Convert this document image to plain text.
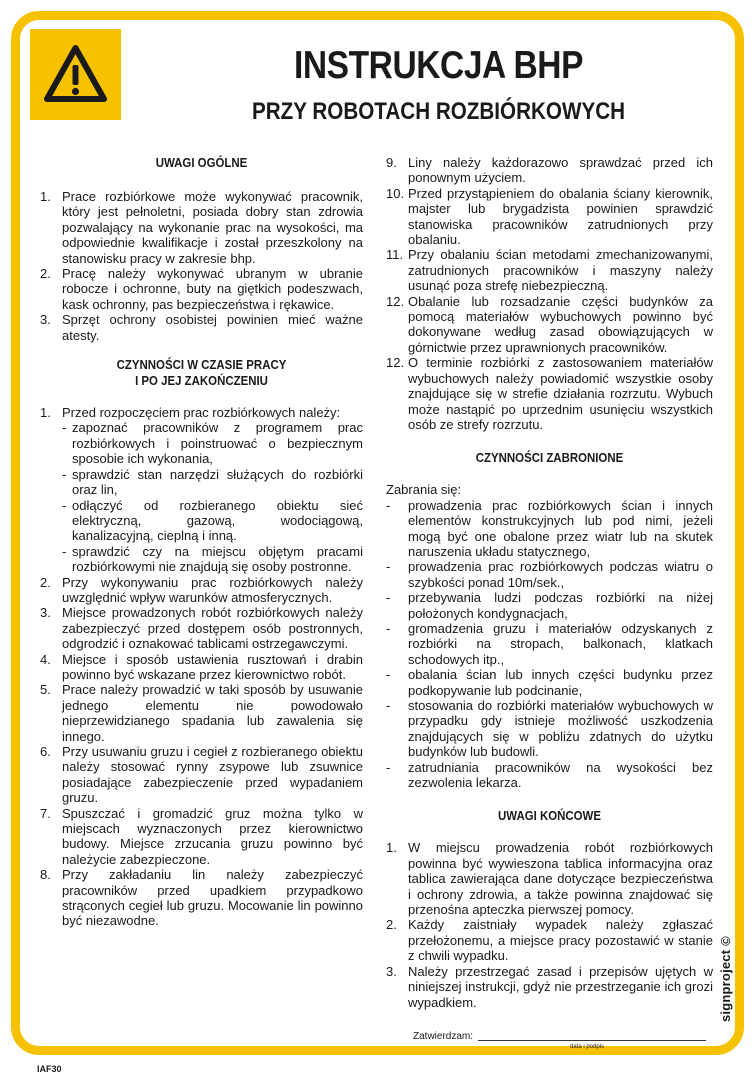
INSTRUKCJA BHP
PRZY ROBOTACH ROZBIÓRKOWYCH
UWAGI OGÓLNE
1. Prace rozbiórkowe może wykonywać pracownik, który jest pełnoletni, posiada dobry stan zdrowia pozwalający na wykonanie prac na wysokości, ma odpowiednie kwalifikacje i został przeszkolony na stanowisku pracy w zakresie bhp.
2. Pracę należy wykonywać ubranym w ubranie robocze i ochronne, buty na giętkich podeszwach, kask ochronny, pas bezpieczeństwa i rękawice.
3. Sprzęt ochrony osobistej powinien mieć ważne atesty.
CZYNNOŚCI W CZASIE PRACY
I PO JEJ ZAKOŃCZENIU
1. Przed rozpoczęciem prac rozbiórkowych należy:
- zapoznać pracowników z programem prac rozbiórkowych i poinstruować o bezpiecznym sposobie ich wykonania,
- sprawdzić stan narzędzi służących do rozbiórki oraz lin,
- odłączyć od rozbieranego obiektu sieć elektryczną, gazową, wodociągową, kanalizacyjną, cieplną i inną.
- sprawdzić czy na miejscu objętym pracami rozbiórkowymi nie znajdują się osoby postronne.
2. Przy wykonywaniu prac rozbiórkowych należy uwzględnić wpływ warunków atmosferycznych.
3. Miejsce prowadzonych robót rozbiórkowych należy zabezpieczyć przed dostępem osób postronnych, odgrodzić i oznakować tablicami ostrzegawczymi.
4. Miejsce i sposób ustawienia rusztowań i drabin powinno być wskazane przez kierownictwo robót.
5. Prace należy prowadzić w taki sposób by usuwanie jednego elementu nie powodowało nieprzewidzianego spadania lub zawalenia się innego.
6. Przy usuwaniu gruzu i cegieł z rozbieranego obiektu należy stosować rynny zsypowe lub zsuwnice posiadające zabezpieczenie przed wypadaniem gruzu.
7. Spuszczać i gromadzić gruz można tylko w miejscach wyznaczonych przez kierownictwo budowy. Miejsce zrzucania gruzu powinno być należycie zabezpieczone.
8. Przy zakładaniu lin należy zabezpieczyć pracowników przed upadkiem przypadkowo strąconych cegieł lub gruzu. Mocowanie lin powinno być niezawodne.
9. Liny należy każdorazowo sprawdzać przed ich ponownym użyciem.
10. Przed przystąpieniem do obalania ściany kierownik, majster lub brygadzista powinien sprawdzić stanowiska pracowników zatrudnionych przy obalaniu.
11. Przy obalaniu ścian metodami zmechanizowanymi, zatrudnionych pracowników i maszyny należy usunąć poza strefę niebezpieczną.
12. Obalanie lub rozsadzanie części budynków za pomocą materiałów wybuchowych powinno być dokonywane według zasad obowiązujących w górnictwie przez uprawnionych pracowników.
12. O terminie rozbiórki z zastosowaniem materiałów wybuchowych należy powiadomić wszystkie osoby znajdujące się w strefie działania rozrzutu. Wybuch może nastąpić po uprzednim usunięciu wszystkich osób ze strefy rozrzutu.
CZYNNOŚCI ZABRONIONE
Zabrania się:
-	prowadzenia prac rozbiórkowych ścian i innych elementów konstrukcyjnych lub pod nimi, jeżeli mogą być one obalone przez wiatr lub na skutek naruszenia układu statycznego,
-	prowadzenia prac rozbiórkowych podczas wiatru o szybkości ponad 10m/sek.,
-	przebywania ludzi podczas rozbiórki na niżej położonych kondygnacjach,
-	gromadzenia gruzu i materiałów odzyskanych z rozbiórki na stropach, balkonach, klatkach schodowych itp.,
-	obalania ścian lub innych części budynku przez podkopywanie lub podcinanie,
-	stosowania do rozbiórki materiałów wybuchowych w przypadku gdy istnieje możliwość uszkodzenia znajdujących się w pobliżu zdatnych do użytku budynków lub budowli.
-	zatrudniania pracowników na wysokości bez zezwolenia lekarza.
UWAGI KOŃCOWE
1. W miejscu prowadzenia robót rozbiórkowych powinna być wywieszona tablica informacyjna oraz tablica zawierająca dane dotyczące bezpieczeństwa i ochrony zdrowia, a także powinna znajdować się przenośna apteczka pierwszej pomocy.
2. Każdy zaistniały wypadek należy zgłaszać przełożonemu, a miejsce pracy pozostawić w stanie z chwili wypadku.
3. Należy przestrzegać zasad i przepisów ujętych w niniejszej instrukcji, gdyż nie przestrzeganie ich grozi wypadkiem.
Zatwierdzam:
data i podpis
IAF30
signproject ©
